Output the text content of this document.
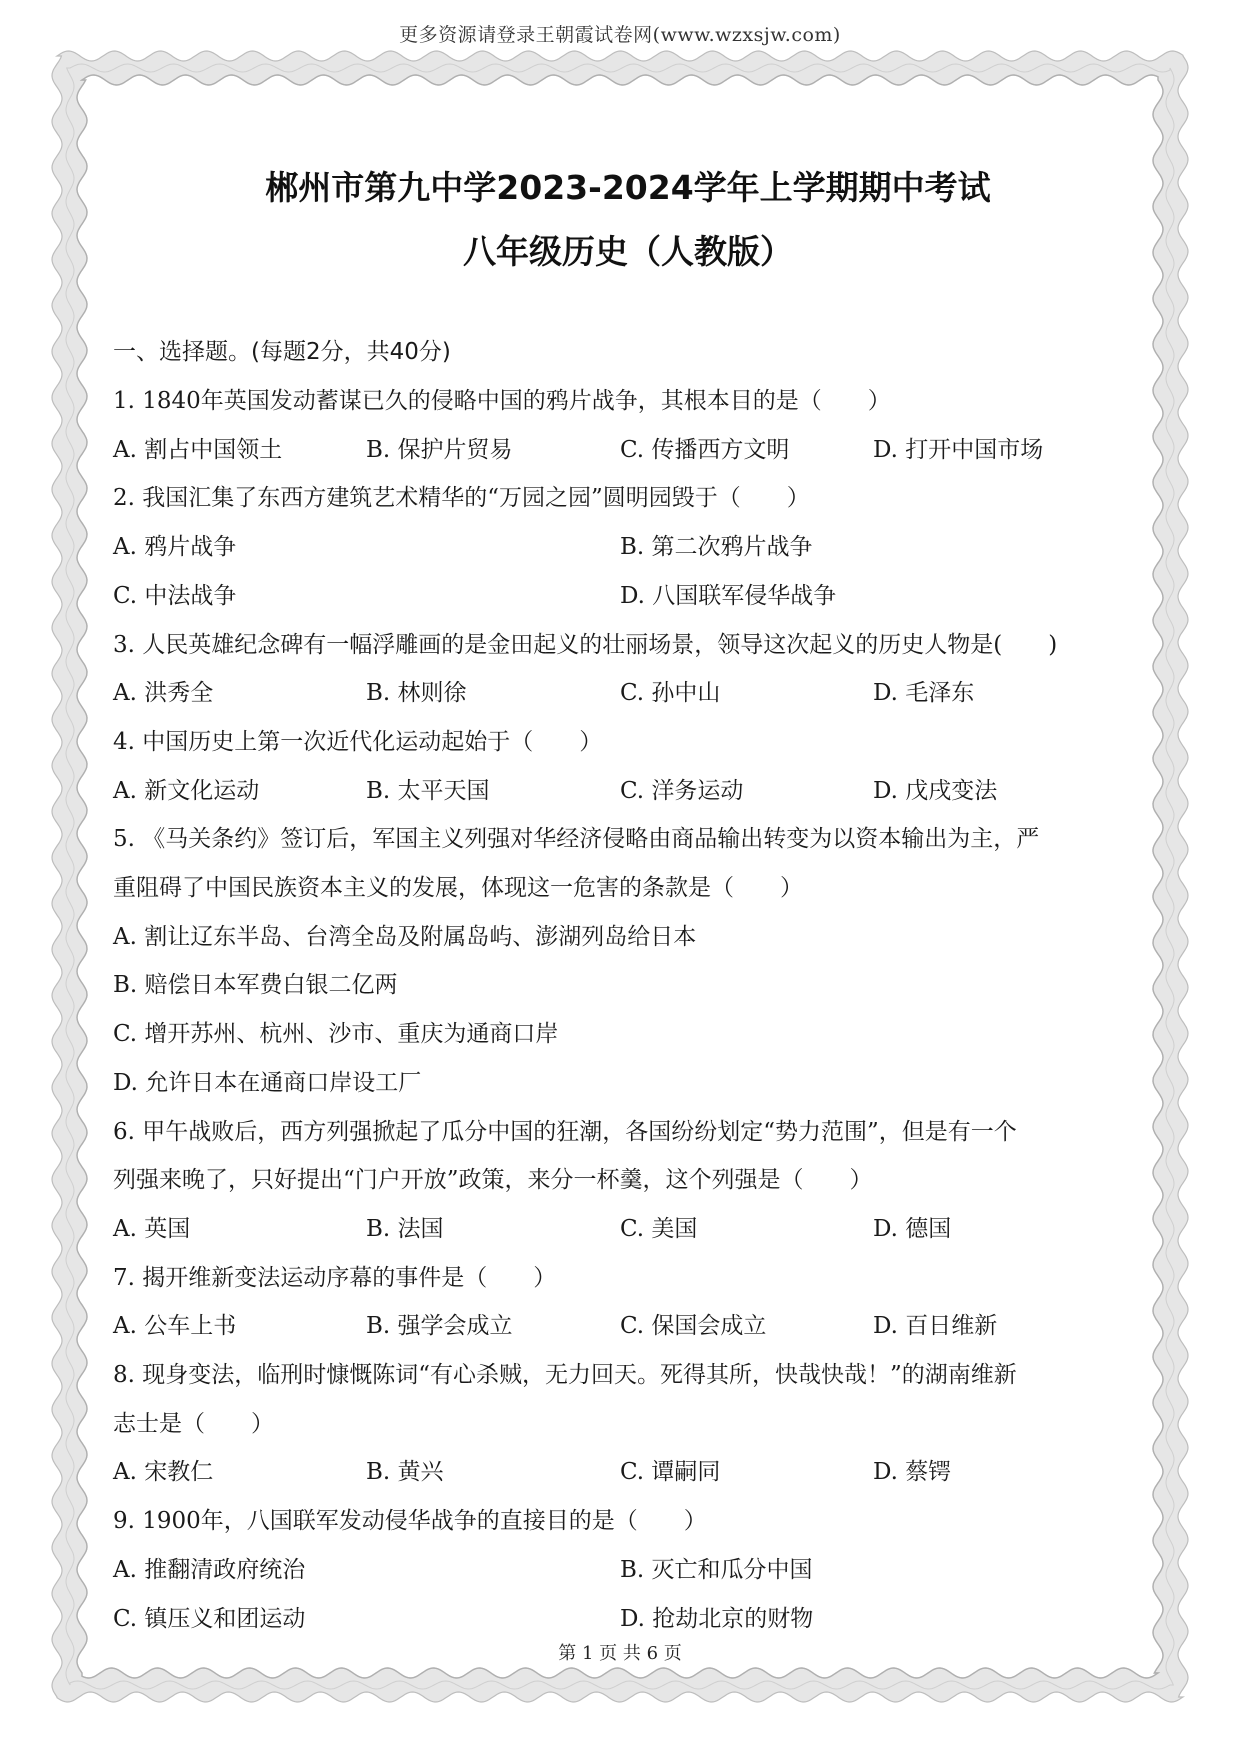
更多资源请登录王朝霞试卷网(www.wzxsjw.com)
郴州市第九中学2023-2024学年上学期期中考试
八年级历史（人教版）
一、选择题。(每题2分，共40分)
1. 1840年英国发动蓄谋已久的侵略中国的鸦片战争，其根本目的是（　　）
A. 割占中国领土	B. 保护片贸易	C. 传播西方文明	D. 打开中国市场
2. 我国汇集了东西方建筑艺术精华的“万园之园”圆明园毁于（　　）
A. 鸦片战争	B. 第二次鸦片战争
C. 中法战争	D. 八国联军侵华战争
3. 人民英雄纪念碑有一幅浮雕画的是金田起义的壮丽场景，领导这次起义的历史人物是(　　)
A. 洪秀全	B. 林则徐	C. 孙中山	D. 毛泽东
4. 中国历史上第一次近代化运动起始于（　　）
A. 新文化运动	B. 太平天国	C. 洋务运动	D. 戊戌变法
5. 《马关条约》签订后，军国主义列强对华经济侵略由商品输出转变为以资本输出为主，严
重阻碍了中国民族资本主义的发展，体现这一危害的条款是（　　）
A. 割让辽东半岛、台湾全岛及附属岛屿、澎湖列岛给日本
B. 赔偿日本军费白银二亿两
C. 增开苏州、杭州、沙市、重庆为通商口岸
D. 允许日本在通商口岸设工厂
6. 甲午战败后，西方列强掀起了瓜分中国的狂潮，各国纷纷划定“势力范围”，但是有一个
列强来晚了，只好提出“门户开放”政策，来分一杯羹，这个列强是（　　）
A. 英国	B. 法国	C. 美国	D. 德国
7. 揭开维新变法运动序幕的事件是（　　）
A. 公车上书	B. 强学会成立	C. 保国会成立	D. 百日维新
8. 现身变法，临刑时慷慨陈词“有心杀贼，无力回天。死得其所，快哉快哉！”的湖南维新
志士是（　　）
A. 宋教仁	B. 黄兴	C. 谭嗣同	D. 蔡锷
9. 1900年，八国联军发动侵华战争的直接目的是（　　）
A. 推翻清政府统治	B. 灭亡和瓜分中国
C. 镇压义和团运动	D. 抢劫北京的财物
第 1 页 共 6 页
